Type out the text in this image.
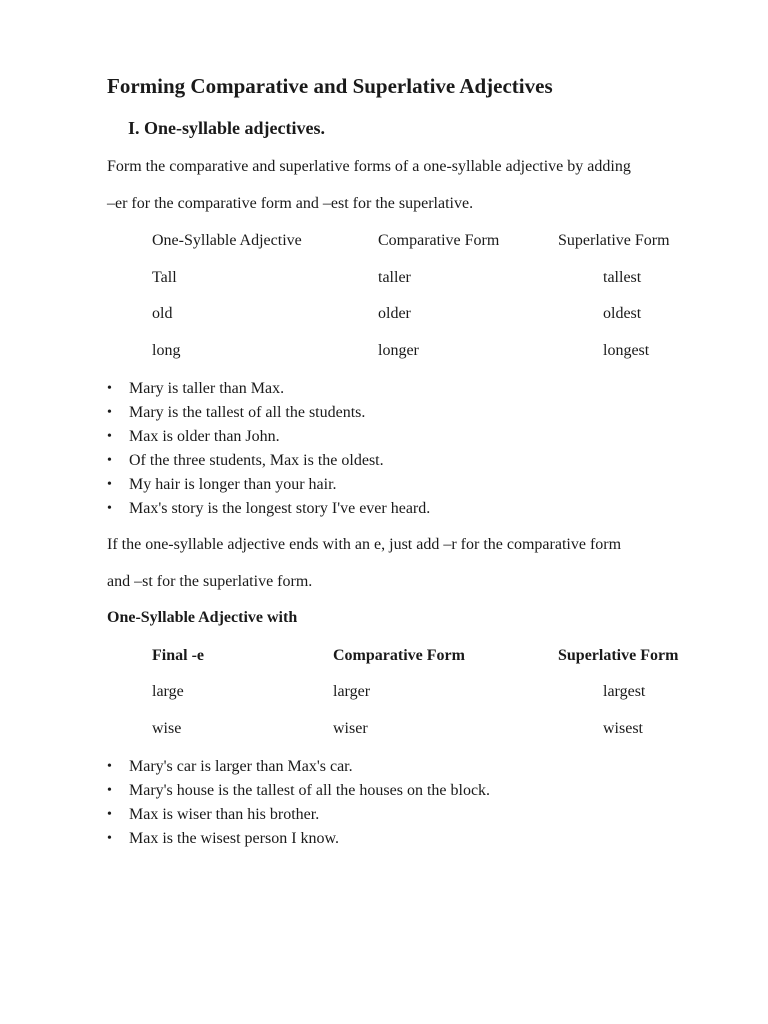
Forming Comparative and Superlative Adjectives
I. One-syllable adjectives.
Form the comparative and superlative forms of a one-syllable adjective by adding
–er for the comparative form and –est for the superlative.
One-Syllable Adjective	Comparative Form	Superlative Form
Tall	taller	tallest
old	older	oldest
long	longer	longest
• Mary is taller than Max.
• Mary is the tallest of all the students.
• Max is older than John.
• Of the three students, Max is the oldest.
• My hair is longer than your hair.
• Max's story is the longest story I've ever heard.
If the one-syllable adjective ends with an e, just add –r for the comparative form
and –st for the superlative form.
One-Syllable Adjective with
Final -e	Comparative Form	Superlative Form
large	larger	largest
wise	wiser	wisest
• Mary's car is larger than Max's car.
• Mary's house is the tallest of all the houses on the block.
• Max is wiser than his brother.
• Max is the wisest person I know.
